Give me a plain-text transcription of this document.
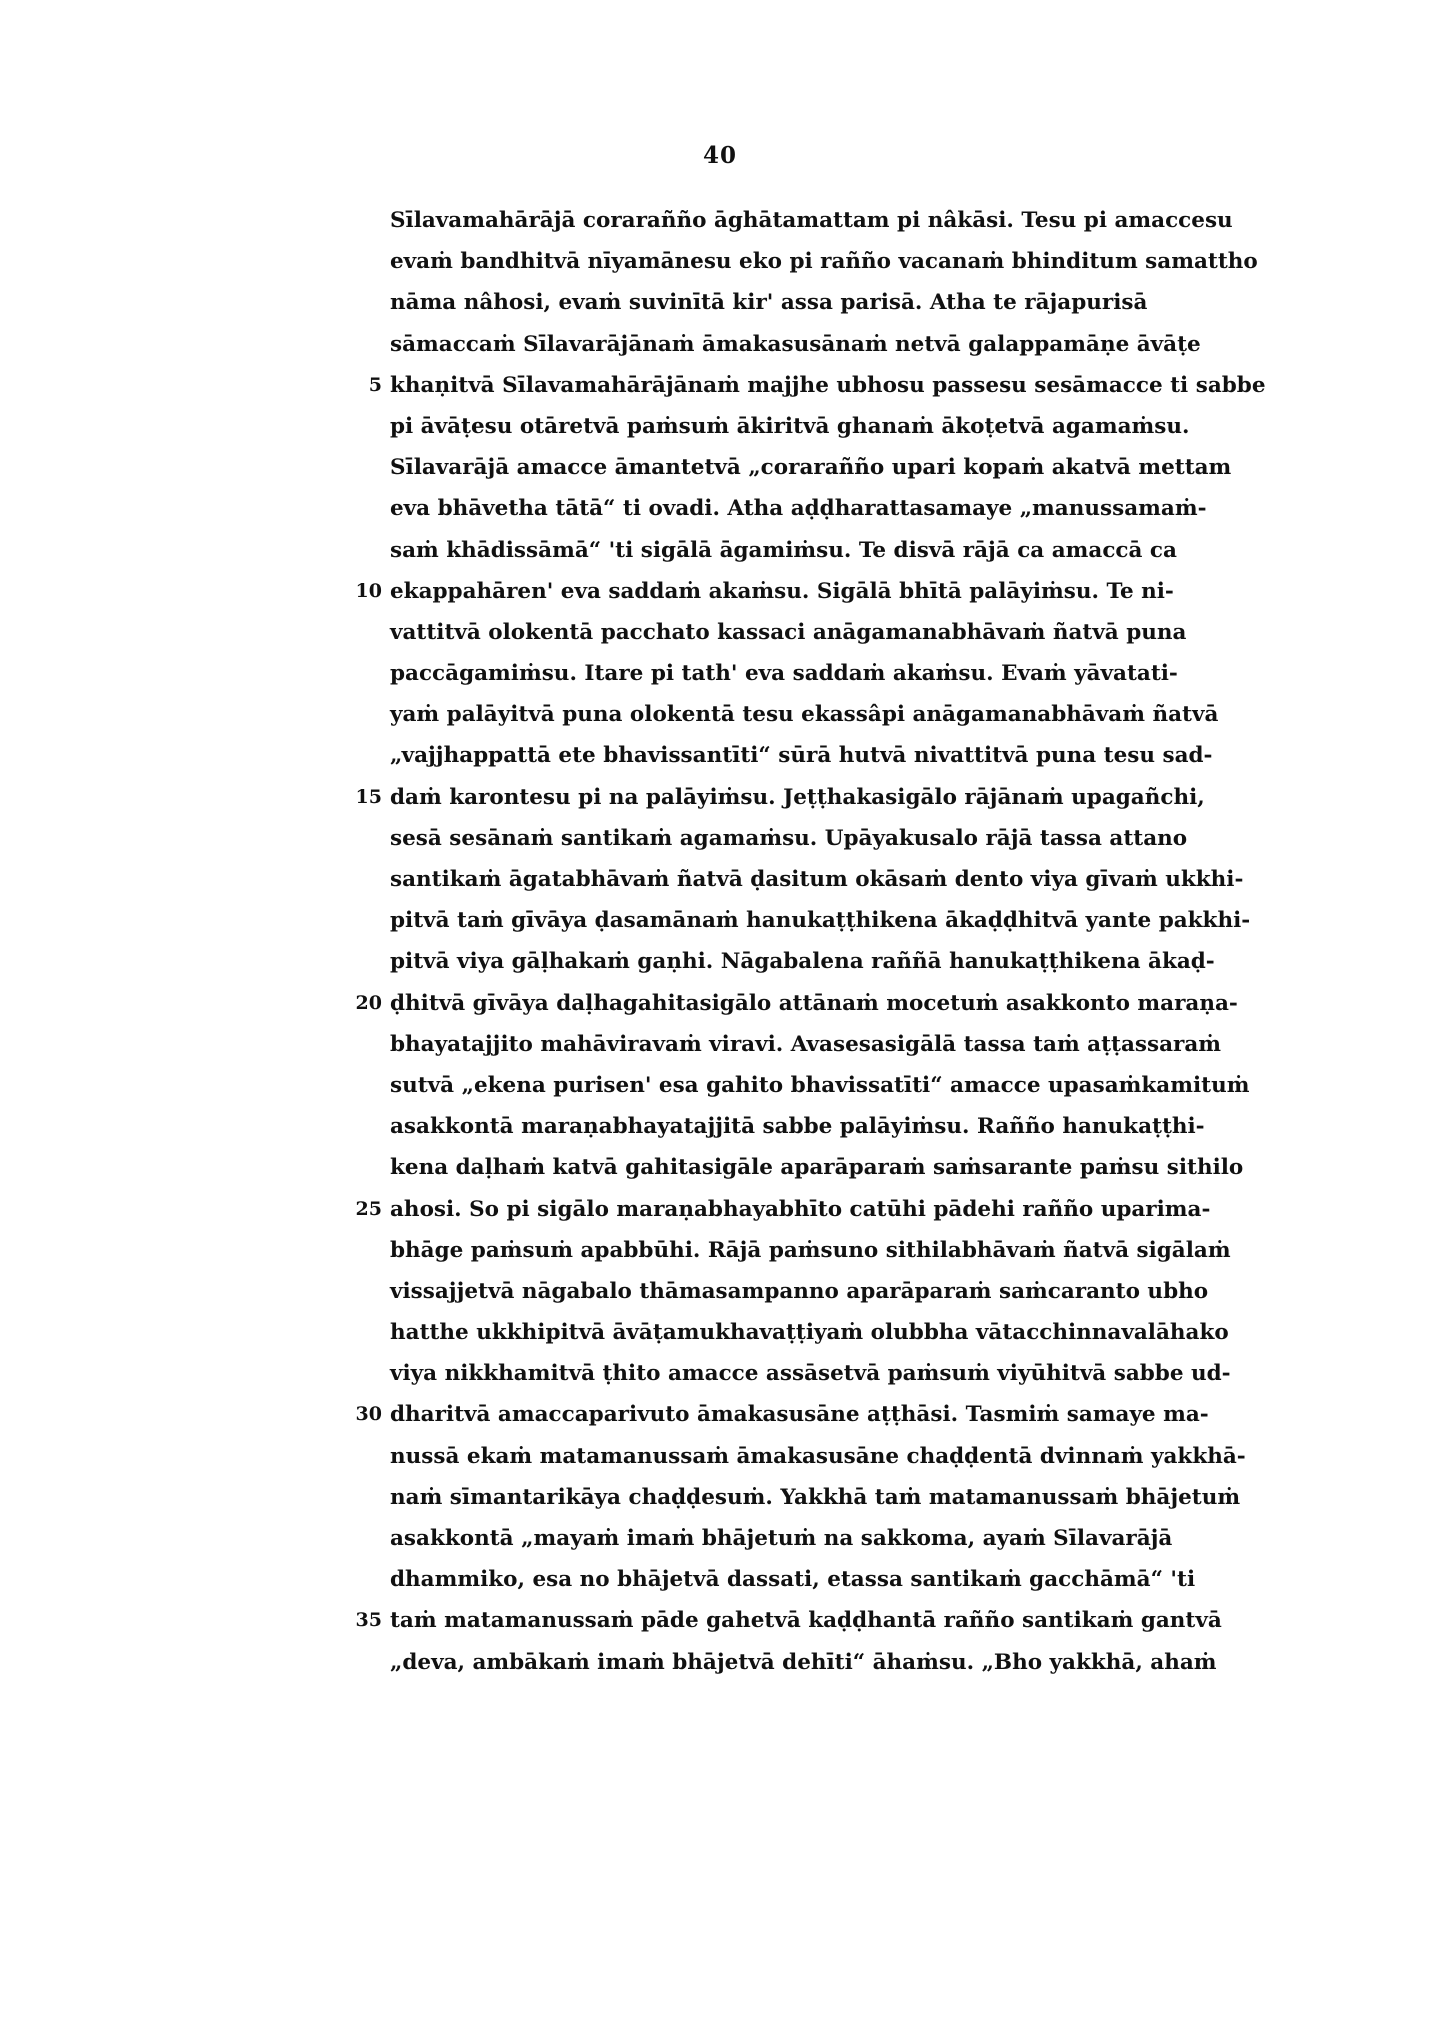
40
Sīlavamahārājā corarañño āghātamattam pi nâkāsi. Tesu pi amaccesu
evaṁ bandhitvā nīyamānesu eko pi rañño vacanaṁ bhinditum samattho
nāma nâhosi, evaṁ suvinītā kir' assa parisā. Atha te rājapurisā
sāmaccaṁ Sīlavarājānaṁ āmakasusānaṁ netvā galappamāṇe āvāṭe
5 khaṇitvā Sīlavamahārājānaṁ majjhe ubhosu passesu sesāmacce ti sabbe
pi āvāṭesu otāretvā paṁsuṁ ākiritvā ghanaṁ ākoṭetvā agamaṁsu.
Sīlavarājā amacce āmantetvā „corarañño upari kopaṁ akatvā mettam
eva bhāvetha tātā“ ti ovadi. Atha aḍḍharattasamaye „manussamaṁ-
saṁ khādissāmā“ 'ti sigālā āgamiṁsu. Te disvā rājā ca amaccā ca
10 ekappahāren' eva saddaṁ akaṁsu. Sigālā bhītā palāyiṁsu. Te ni-
vattitvā olokentā pacchato kassaci anāgamanabhāvaṁ ñatvā puna
paccāgamiṁsu. Itare pi tath' eva saddaṁ akaṁsu. Evaṁ yāvatati-
yaṁ palāyitvā puna olokentā tesu ekassâpi anāgamanabhāvaṁ ñatvā
„vajjhappattā ete bhavissantīti“ sūrā hutvā nivattitvā puna tesu sad-
15 daṁ karontesu pi na palāyiṁsu. Jeṭṭhakasigālo rājānaṁ upagañchi,
sesā sesānaṁ santikaṁ agamaṁsu. Upāyakusalo rājā tassa attano
santikaṁ āgatabhāvaṁ ñatvā ḍasitum okāsaṁ dento viya gīvaṁ ukkhi-
pitvā taṁ gīvāya ḍasamānaṁ hanukaṭṭhikena ākaḍḍhitvā yante pakkhi-
pitvā viya gāḷhakaṁ gaṇhi. Nāgabalena raññā hanukaṭṭhikena ākaḍ-
20 ḍhitvā gīvāya daḷhagahitasigālo attānaṁ mocetuṁ asakkonto maraṇa-
bhayatajjito mahāviravaṁ viravi. Avasesasigālā tassa taṁ aṭṭassaraṁ
sutvā „ekena purisen' esa gahito bhavissatīti“ amacce upasaṁkamituṁ
asakkontā maraṇabhayatajjitā sabbe palāyiṁsu. Rañño hanukaṭṭhi-
kena daḷhaṁ katvā gahitasigāle aparāparaṁ saṁsarante paṁsu sithilo
25 ahosi. So pi sigālo maraṇabhayabhīto catūhi pādehi rañño uparima-
bhāge paṁsuṁ apabbūhi. Rājā paṁsuno sithilabhāvaṁ ñatvā sigālaṁ
vissajjetvā nāgabalo thāmasampanno aparāparaṁ saṁcaranto ubho
hatthe ukkhipitvā āvāṭamukhavaṭṭiyaṁ olubbha vātacchinnavalāhako
viya nikkhamitvā ṭhito amacce assāsetvā paṁsuṁ viyūhitvā sabbe ud-
30 dharitvā amaccaparivuto āmakasusāne aṭṭhāsi. Tasmiṁ samaye ma-
nussā ekaṁ matamanussaṁ āmakasusāne chaḍḍentā dvinnaṁ yakkhā-
naṁ sīmantarikāya chaḍḍesuṁ. Yakkhā taṁ matamanussaṁ bhājetuṁ
asakkontā „mayaṁ imaṁ bhājetuṁ na sakkoma, ayaṁ Sīlavarājā
dhammiko, esa no bhājetvā dassati, etassa santikaṁ gacchāmā“ 'ti
35 taṁ matamanussaṁ pāde gahetvā kaḍḍhantā rañño santikaṁ gantvā
„deva, ambākaṁ imaṁ bhājetvā dehīti“ āhaṁsu. „Bho yakkhā, ahaṁ
